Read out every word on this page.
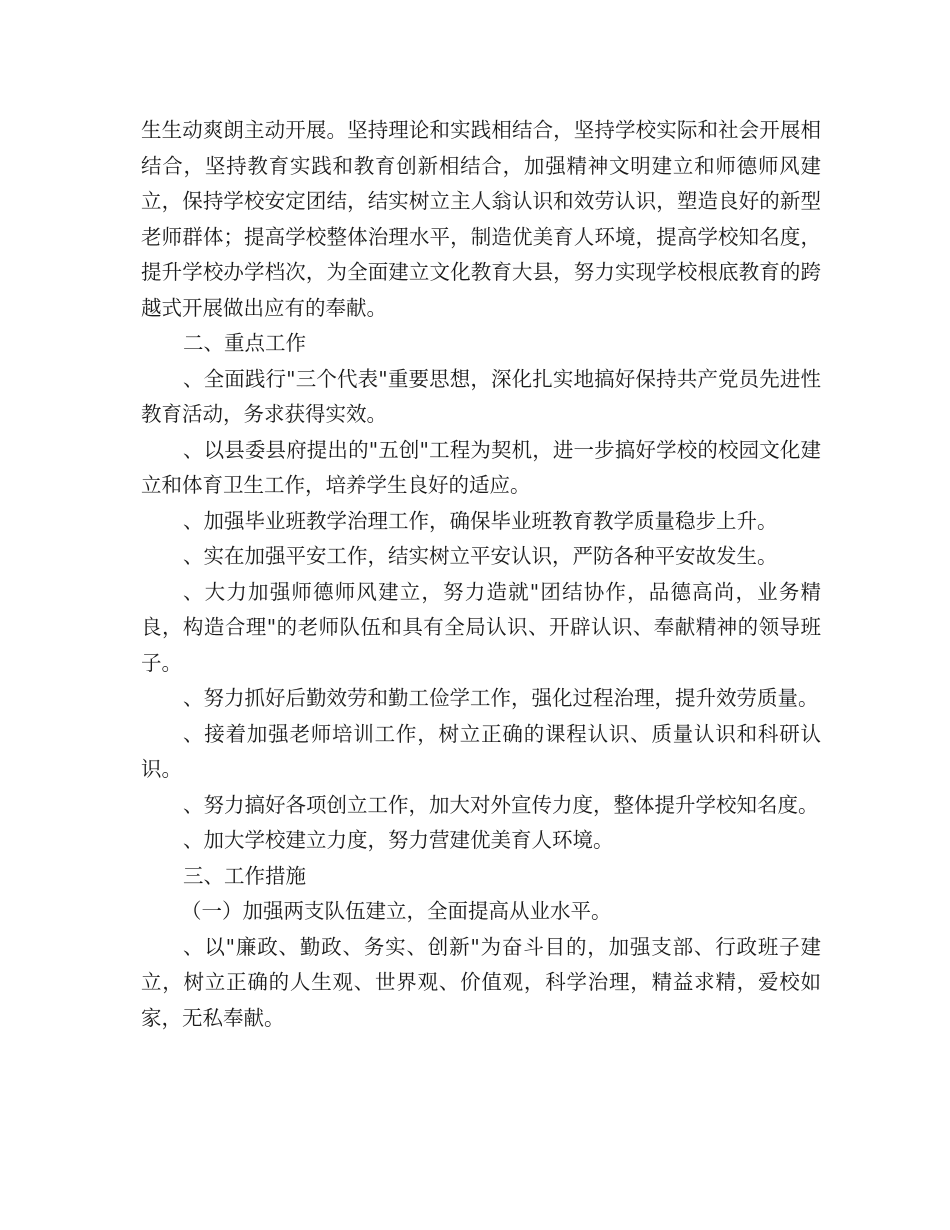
生生动爽朗主动开展。坚持理论和实践相结合，坚持学校实际和社会开展相结合，坚持教育实践和教育创新相结合，加强精神文明建立和师德师风建立，保持学校安定团结，结实树立主人翁认识和效劳认识，塑造良好的新型老师群体；提高学校整体治理水平，制造优美育人环境，提高学校知名度，提升学校办学档次，为全面建立文化教育大县，努力实现学校根底教育的跨越式开展做出应有的奉献。

二、重点工作

、全面践行"三个代表"重要思想，深化扎实地搞好保持共产党员先进性教育活动，务求获得实效。

、以县委县府提出的"五创"工程为契机，进一步搞好学校的校园文化建立和体育卫生工作，培养学生良好的适应。

、加强毕业班教学治理工作，确保毕业班教育教学质量稳步上升。

、实在加强平安工作，结实树立平安认识，严防各种平安故发生。

、大力加强师德师风建立，努力造就"团结协作，品德高尚，业务精良，构造合理"的老师队伍和具有全局认识、开辟认识、奉献精神的领导班子。

、努力抓好后勤效劳和勤工俭学工作，强化过程治理，提升效劳质量。

、接着加强老师培训工作，树立正确的课程认识、质量认识和科研认识。

、努力搞好各项创立工作，加大对外宣传力度，整体提升学校知名度。

、加大学校建立力度，努力营建优美育人环境。

三、工作措施

（一）加强两支队伍建立，全面提高从业水平。

、以"廉政、勤政、务实、创新"为奋斗目的，加强支部、行政班子建立，树立正确的人生观、世界观、价值观，科学治理，精益求精，爱校如家，无私奉献。
